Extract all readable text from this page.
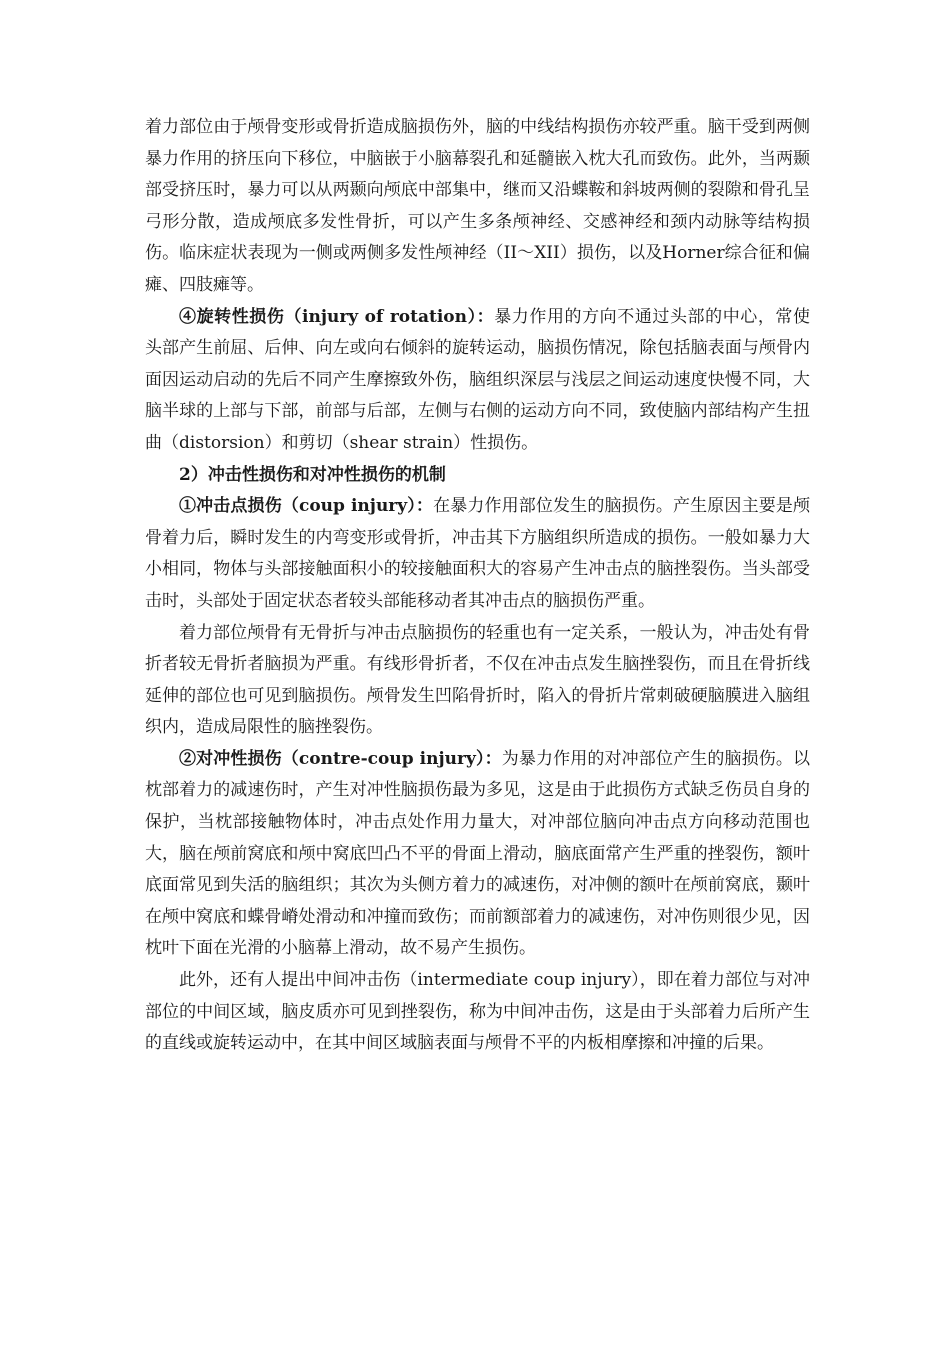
着力部位由于颅骨变形或骨折造成脑损伤外，脑的中线结构损伤亦较严重。脑干受到两侧暴力作用的挤压向下移位，中脑嵌于小脑幕裂孔和延髓嵌入枕大孔而致伤。此外，当两颞部受挤压时，暴力可以从两颞向颅底中部集中，继而又沿蝶鞍和斜坡两侧的裂隙和骨孔呈弓形分散，造成颅底多发性骨折，可以产生多条颅神经、交感神经和颈内动脉等结构损伤。临床症状表现为一侧或两侧多发性颅神经（II～XII）损伤，以及Horner综合征和偏瘫、四肢瘫等。

④旋转性损伤（injury of rotation）：暴力作用的方向不通过头部的中心，常使头部产生前屈、后伸、向左或向右倾斜的旋转运动，脑损伤情况，除包括脑表面与颅骨内面因运动启动的先后不同产生摩擦致外伤，脑组织深层与浅层之间运动速度快慢不同，大脑半球的上部与下部，前部与后部，左侧与右侧的运动方向不同，致使脑内部结构产生扭曲（distorsion）和剪切（shear strain）性损伤。

2）冲击性损伤和对冲性损伤的机制

①冲击点损伤（coup injury）：在暴力作用部位发生的脑损伤。产生原因主要是颅骨着力后，瞬时发生的内弯变形或骨折，冲击其下方脑组织所造成的损伤。一般如暴力大小相同，物体与头部接触面积小的较接触面积大的容易产生冲击点的脑挫裂伤。当头部受击时，头部处于固定状态者较头部能移动者其冲击点的脑损伤严重。

着力部位颅骨有无骨折与冲击点脑损伤的轻重也有一定关系，一般认为，冲击处有骨折者较无骨折者脑损为严重。有线形骨折者，不仅在冲击点发生脑挫裂伤，而且在骨折线延伸的部位也可见到脑损伤。颅骨发生凹陷骨折时，陷入的骨折片常刺破硬脑膜进入脑组织内，造成局限性的脑挫裂伤。

②对冲性损伤（contre-coup injury）：为暴力作用的对冲部位产生的脑损伤。以枕部着力的减速伤时，产生对冲性脑损伤最为多见，这是由于此损伤方式缺乏伤员自身的保护，当枕部接触物体时，冲击点处作用力量大，对冲部位脑向冲击点方向移动范围也大，脑在颅前窝底和颅中窝底凹凸不平的骨面上滑动，脑底面常产生严重的挫裂伤，额叶底面常见到失活的脑组织；其次为头侧方着力的减速伤，对冲侧的额叶在颅前窝底，颞叶在颅中窝底和蝶骨嵴处滑动和冲撞而致伤；而前额部着力的减速伤，对冲伤则很少见，因枕叶下面在光滑的小脑幕上滑动，故不易产生损伤。

此外，还有人提出中间冲击伤（intermediate coup injury），即在着力部位与对冲部位的中间区域，脑皮质亦可见到挫裂伤，称为中间冲击伤，这是由于头部着力后所产生的直线或旋转运动中，在其中间区域脑表面与颅骨不平的内板相摩擦和冲撞的后果。
